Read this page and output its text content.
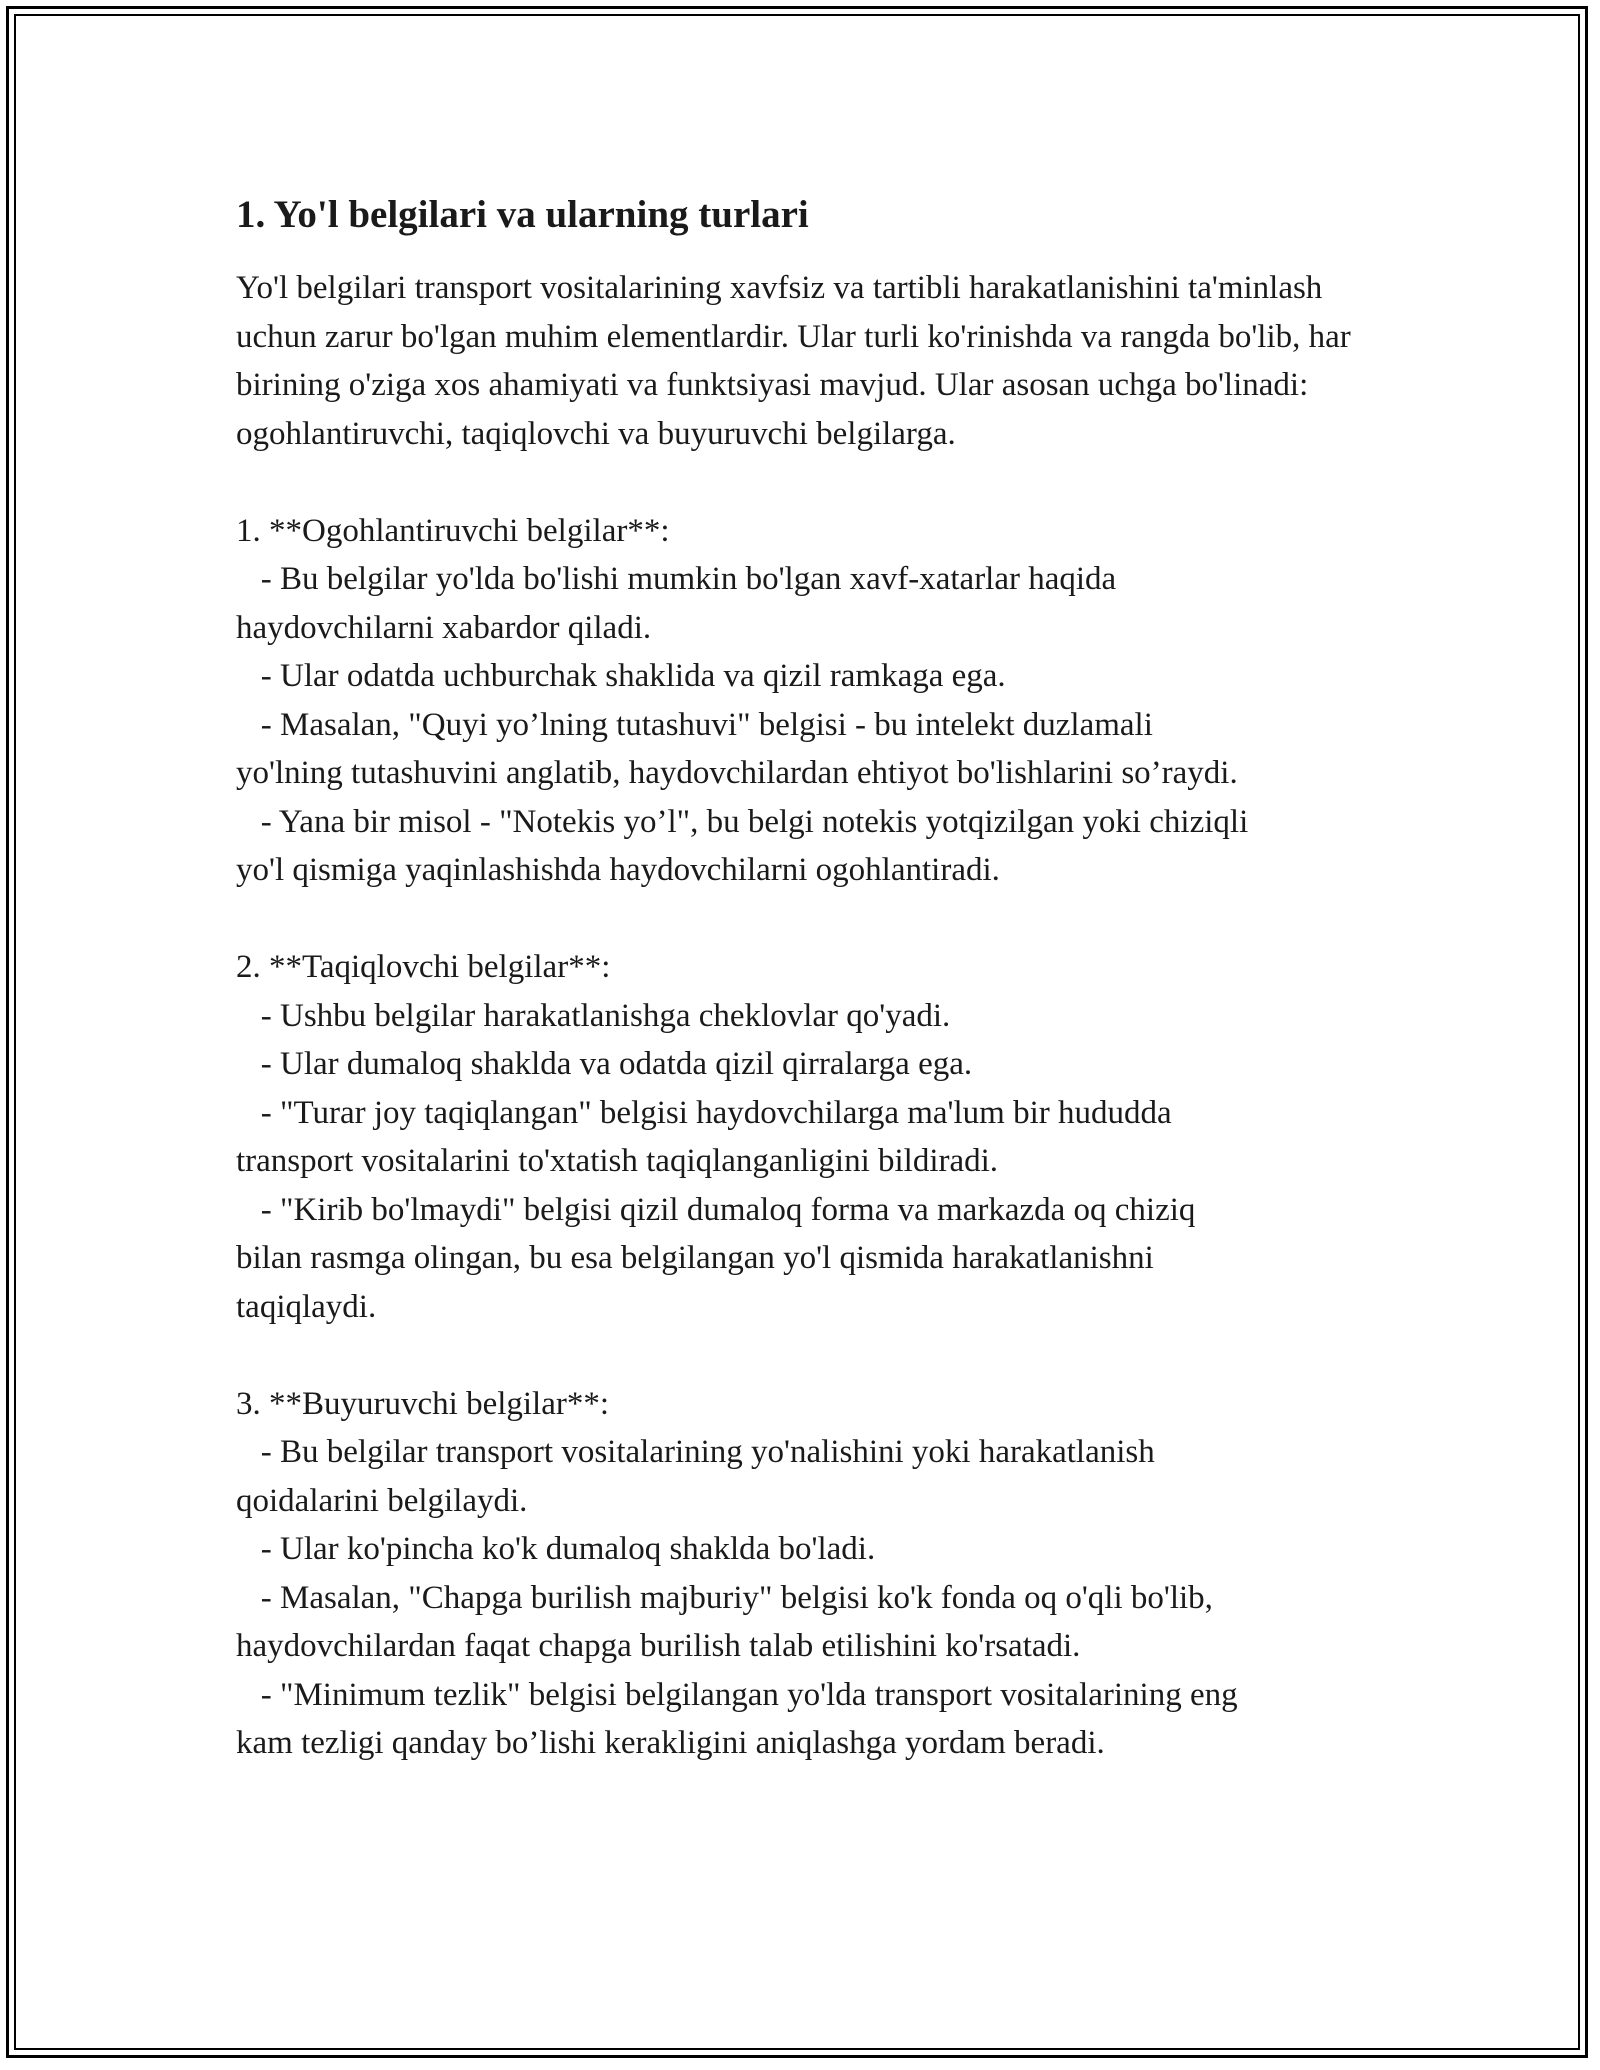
1. Yo'l belgilari va ularning turlari

Yo'l belgilari transport vositalarining xavfsiz va tartibli harakatlanishini ta'minlash uchun zarur bo'lgan muhim elementlardir. Ular turli ko'rinishda va rangda bo'lib, har birining o'ziga xos ahamiyati va funktsiyasi mavjud. Ular asosan uchga bo'linadi: ogohlantiruvchi, taqiqlovchi va buyuruvchi belgilarga.

1. **Ogohlantiruvchi belgilar**:
- Bu belgilar yo'lda bo'lishi mumkin bo'lgan xavf-xatarlar haqida
haydovchilarni xabardor qiladi.
- Ular odatda uchburchak shaklida va qizil ramkaga ega.
- Masalan, "Quyi yo’lning tutashuvi" belgisi - bu intelekt duzlamali
yo'lning tutashuvini anglatib, haydovchilardan ehtiyot bo'lishlarini so’raydi.
- Yana bir misol - "Notekis yo’l", bu belgi notekis yotqizilgan yoki chiziqli
yo'l qismiga yaqinlashishda haydovchilarni ogohlantiradi.
2. **Taqiqlovchi belgilar**:
- Ushbu belgilar harakatlanishga cheklovlar qo'yadi.
- Ular dumaloq shaklda va odatda qizil qirralarga ega.
- "Turar joy taqiqlangan" belgisi haydovchilarga ma'lum bir hududda
transport vositalarini to'xtatish taqiqlanganligini bildiradi.
- "Kirib bo'lmaydi" belgisi qizil dumaloq forma va markazda oq chiziq
bilan rasmga olingan, bu esa belgilangan yo'l qismida harakatlanishni
taqiqlaydi.
3. **Buyuruvchi belgilar**:
- Bu belgilar transport vositalarining yo'nalishini yoki harakatlanish
qoidalarini belgilaydi.
- Ular ko'pincha ko'k dumaloq shaklda bo'ladi.
- Masalan, "Chapga burilish majburiy" belgisi ko'k fonda oq o'qli bo'lib,
haydovchilardan faqat chapga burilish talab etilishini ko'rsatadi.
- "Minimum tezlik" belgisi belgilangan yo'lda transport vositalarining eng
kam tezligi qanday bo’lishi kerakligini aniqlashga yordam beradi.
